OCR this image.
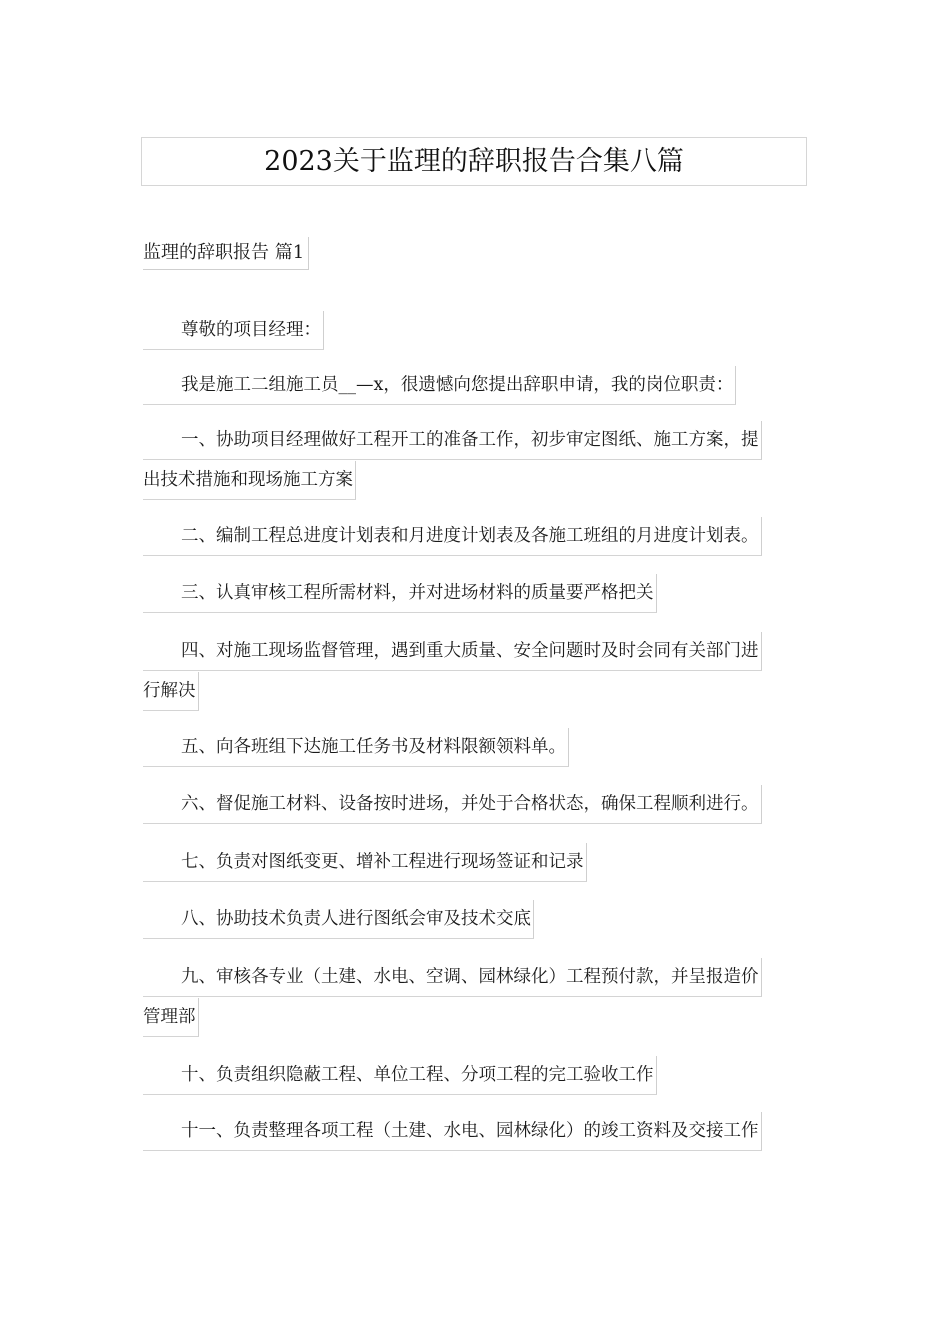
2023关于监理的辞职报告合集八篇
监理的辞职报告 篇1
尊敬的项目经理：
我是施工二组施工员__—x，很遗憾向您提出辞职申请，我的岗位职责：
一、协助项目经理做好工程开工的准备工作，初步审定图纸、施工方案，提
出技术措施和现场施工方案
二、编制工程总进度计划表和月进度计划表及各施工班组的月进度计划表。
三、认真审核工程所需材料，并对进场材料的质量要严格把关
四、对施工现场监督管理，遇到重大质量、安全问题时及时会同有关部门进
行解决
五、向各班组下达施工任务书及材料限额领料单。
六、督促施工材料、设备按时进场，并处于合格状态，确保工程顺利进行。
七、负责对图纸变更、增补工程进行现场签证和记录
八、协助技术负责人进行图纸会审及技术交底
九、审核各专业（土建、水电、空调、园林绿化）工程预付款，并呈报造价
管理部
十、负责组织隐蔽工程、单位工程、分项工程的完工验收工作
十一、负责整理各项工程（土建、水电、园林绿化）的竣工资料及交接工作
